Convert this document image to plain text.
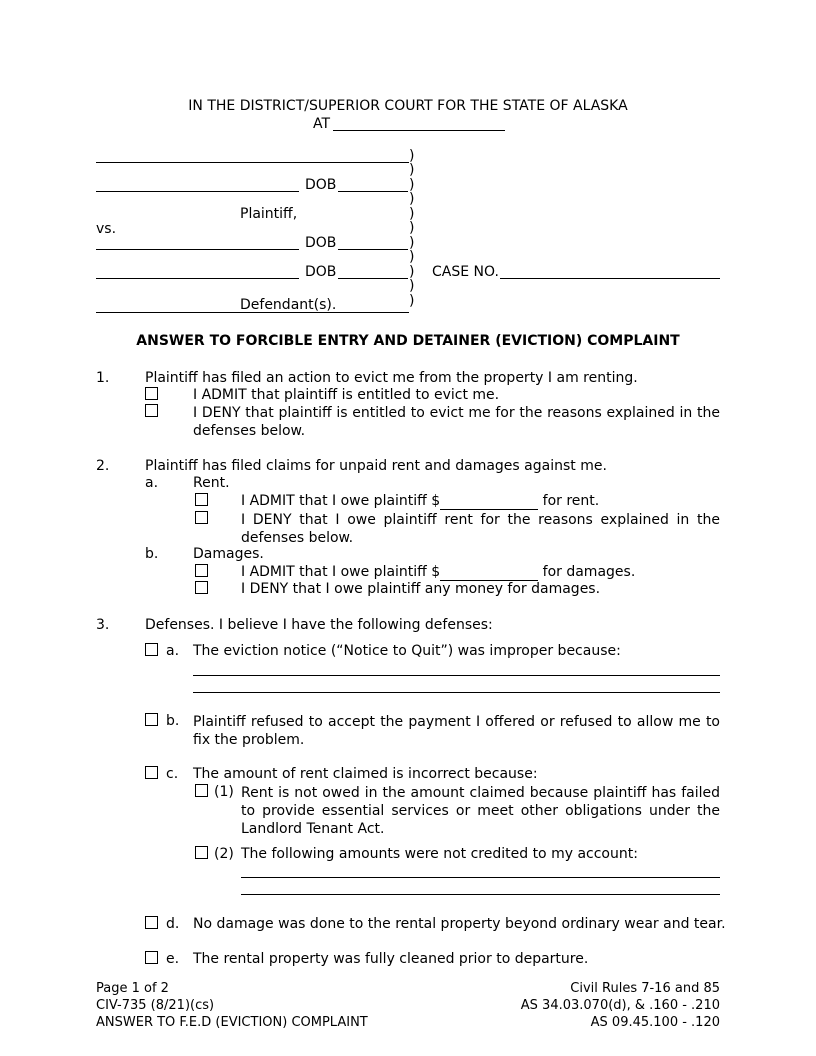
IN THE DISTRICT/SUPERIOR COURT FOR THE STATE OF ALASKA
AT
DOB
Plaintiff,
vs.
DOB
DOB	CASE NO.
Defendant(s).
)
)
)
)
)
)
)
)
)
)
)
ANSWER TO FORCIBLE ENTRY AND DETAINER (EVICTION) COMPLAINT
1.	Plaintiff has filed an action to evict me from the property I am renting.
I ADMIT that plaintiff is entitled to evict me.
I DENY that plaintiff is entitled to evict me for the reasons explained in the defenses below.
2.	Plaintiff has filed claims for unpaid rent and damages against me.
a. Rent.
I ADMIT that I owe plaintiff $	for rent.
I DENY that I owe plaintiff rent for the reasons explained in the defenses below.
b. Damages.
I ADMIT that I owe plaintiff $	for damages.
I DENY that I owe plaintiff any money for damages.
3.	Defenses. I believe I have the following defenses:
a. The eviction notice (“Notice to Quit”) was improper because:
b. Plaintiff refused to accept the payment I offered or refused to allow me to fix the problem.
c. The amount of rent claimed is incorrect because:
(1) Rent is not owed in the amount claimed because plaintiff has failed to provide essential services or meet other obligations under the Landlord Tenant Act.
(2) The following amounts were not credited to my account:
d. No damage was done to the rental property beyond ordinary wear and tear.
e. The rental property was fully cleaned prior to departure.
Page 1 of 2
CIV-735 (8/21)(cs)
ANSWER TO F.E.D (EVICTION) COMPLAINT
Civil Rules 7-16 and 85
AS 34.03.070(d), & .160 - .210
AS 09.45.100 - .120
